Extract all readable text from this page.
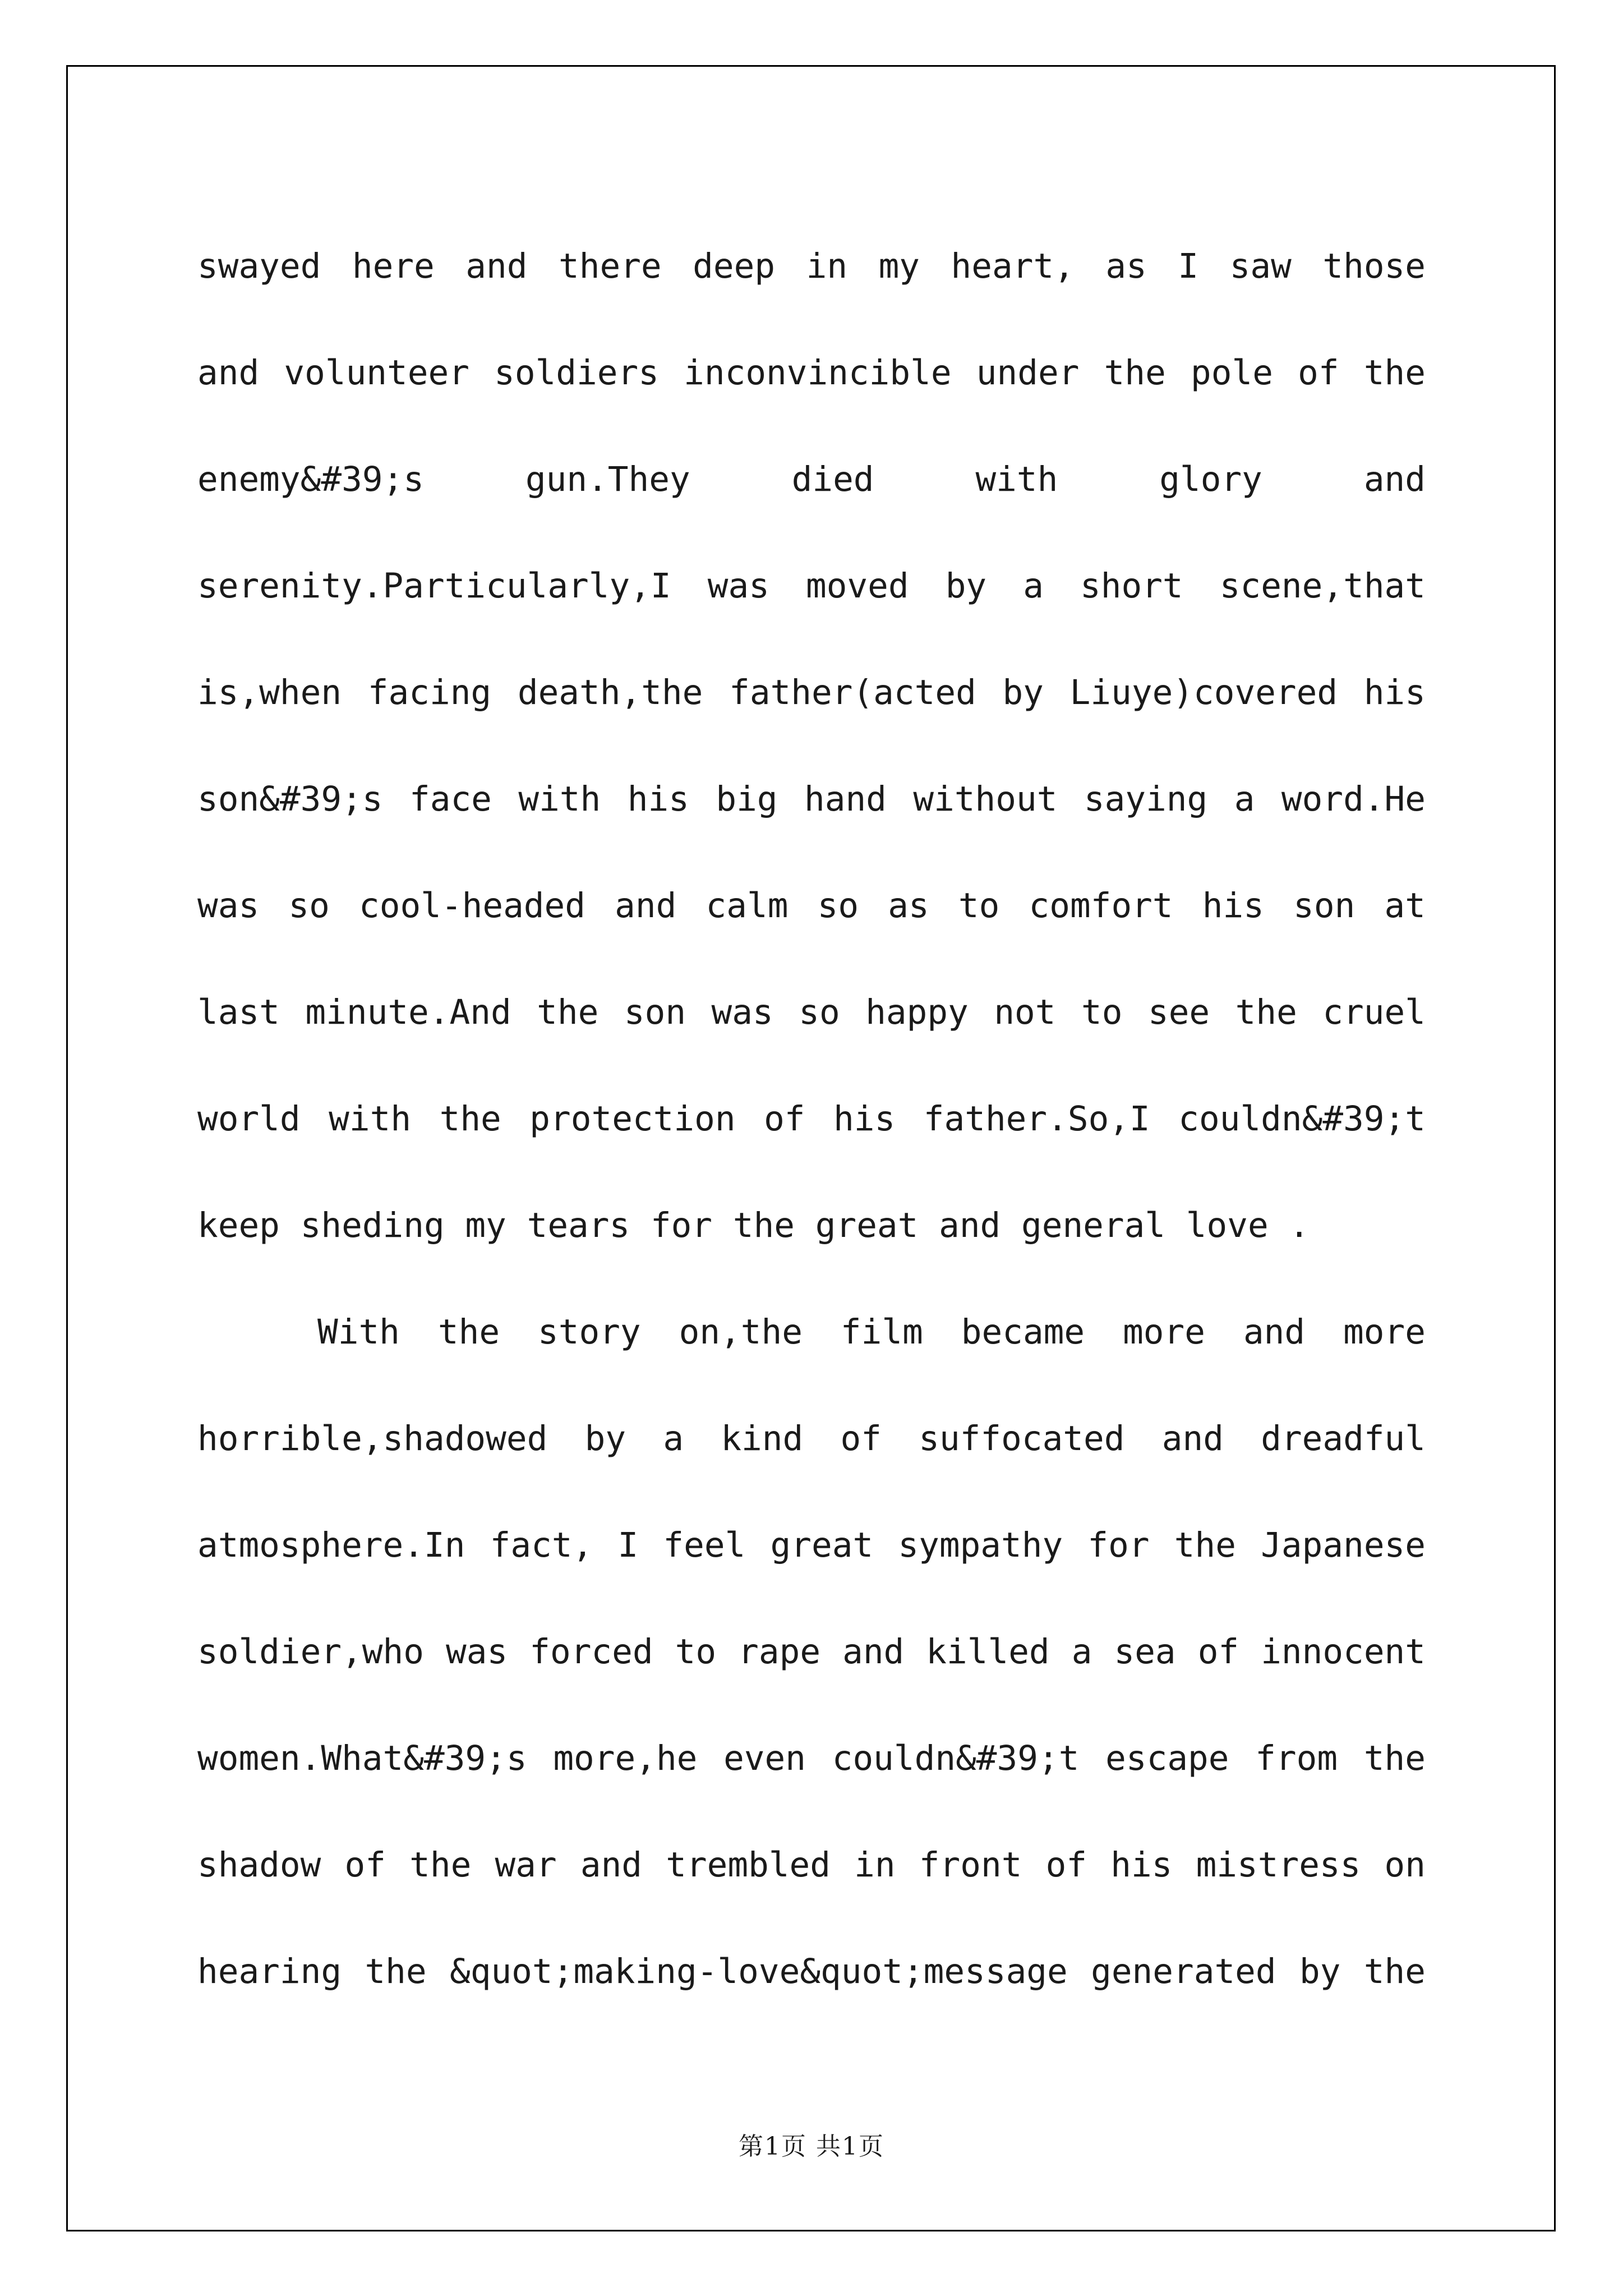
swayed here and there deep in my heart, as I saw those
and volunteer soldiers inconvincible under the pole of the
enemy&#39;s gun.They died with glory and
serenity.Particularly,I was moved by a short scene,that
is,when facing death,the father(acted by Liuye)covered his
son&#39;s face with his big hand without saying a word.He
was so cool-headed and calm so as to comfort his son at
last minute.And the son was so happy not to see the cruel
world with the protection of his father.So,I couldn&#39;t
keep sheding my tears for the great and general love .
With the story on,the film became more and more
horrible,shadowed by a kind of suffocated and dreadful
atmosphere.In fact, I feel great sympathy for the Japanese
soldier,who was forced to rape and killed a sea of innocent
women.What&#39;s more,he even couldn&#39;t escape from the
shadow of the war and trembled in front of his mistress on
hearing the &quot;making-love&quot;message generated by the
第1页 共1页
